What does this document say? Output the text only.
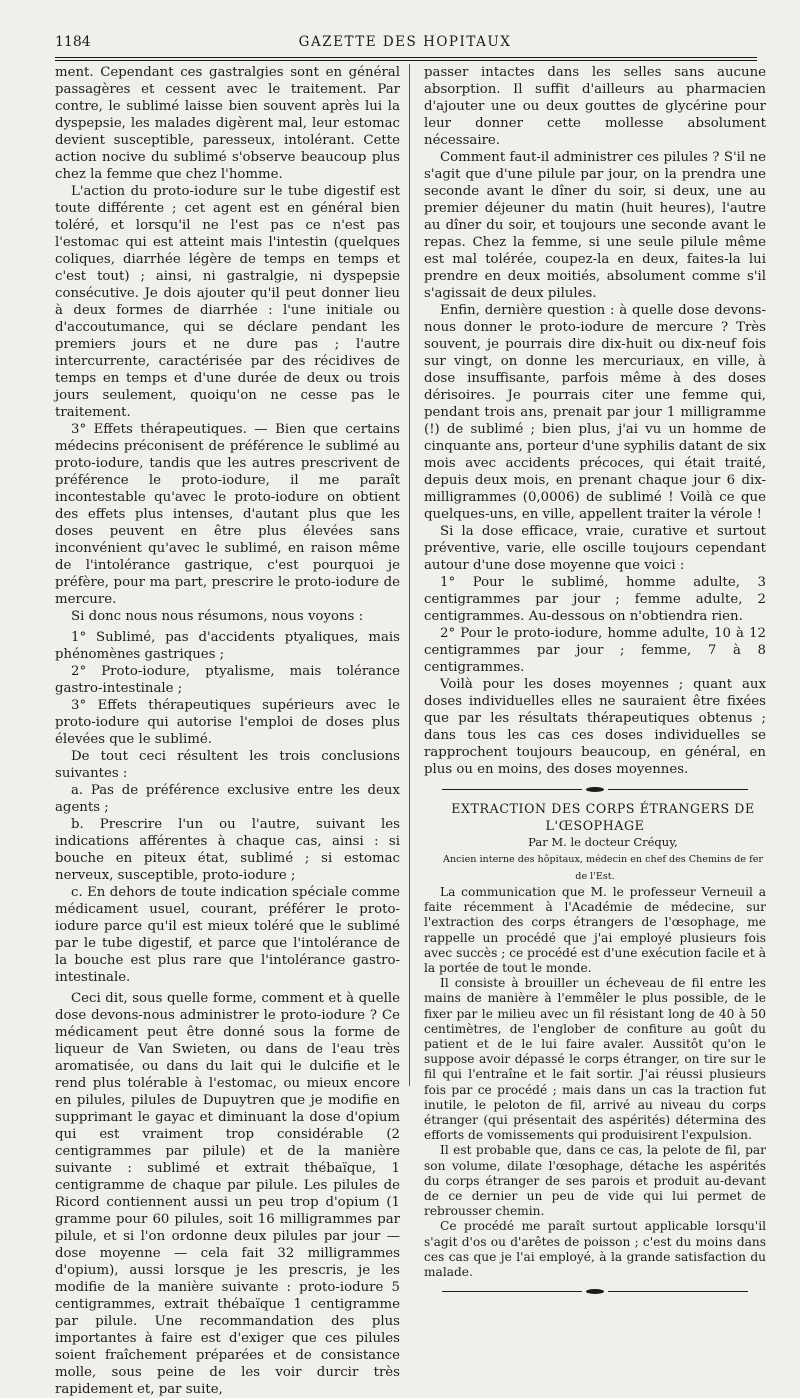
1184	GAZETTE DES HOPITAUX

ment. Cependant ces gastralgies sont en général passagères et cessent avec le traitement. Par contre, le sublimé laisse bien souvent après lui la dyspepsie, les malades digèrent mal, leur estomac devient susceptible, paresseux, intolérant. Cette action nocive du sublimé s'observe beaucoup plus chez la femme que chez l'homme.

L'action du proto-iodure sur le tube digestif est toute différente ; cet agent est en général bien toléré, et lorsqu'il ne l'est pas ce n'est pas l'estomac qui est atteint mais l'intestin (quelques coliques, diarrhée légère de temps en temps et c'est tout) ; ainsi, ni gastralgie, ni dyspepsie consécutive. Je dois ajouter qu'il peut donner lieu à deux formes de diarrhée : l'une initiale ou d'accoutumance, qui se déclare pendant les premiers jours et ne dure pas ; l'autre intercurrente, caractérisée par des récidives de temps en temps et d'une durée de deux ou trois jours seulement, quoiqu'on ne cesse pas le traitement.

3° Effets thérapeutiques. — Bien que certains médecins préconisent de préférence le sublimé au proto-iodure, tandis que les autres prescrivent de préférence le proto-iodure, il me paraît incontestable qu'avec le proto-iodure on obtient des effets plus intenses, d'autant plus que les doses peuvent en être plus élevées sans inconvénient qu'avec le sublimé, en raison même de l'intolérance gastrique, c'est pourquoi je préfère, pour ma part, prescrire le proto-iodure de mercure.

Si donc nous nous résumons, nous voyons :

1° Sublimé, pas d'accidents ptyaliques, mais phénomènes gastriques ;

2° Proto-iodure, ptyalisme, mais tolérance gastro-intestinale ;

3° Effets thérapeutiques supérieurs avec le proto-iodure qui autorise l'emploi de doses plus élevées que le sublimé.

De tout ceci résultent les trois conclusions suivantes :

a. Pas de préférence exclusive entre les deux agents ;

b. Prescrire l'un ou l'autre, suivant les indications afférentes à chaque cas, ainsi : si bouche en piteux état, sublimé ; si estomac nerveux, susceptible, proto-iodure ;

c. En dehors de toute indication spéciale comme médicament usuel, courant, préférer le proto-iodure parce qu'il est mieux toléré que le sublimé par le tube digestif, et parce que l'intolérance de la bouche est plus rare que l'intolérance gastro-intestinale.

Ceci dit, sous quelle forme, comment et à quelle dose devons-nous administrer le proto-iodure ? Ce médicament peut être donné sous la forme de liqueur de Van Swieten, ou dans de l'eau très aromatisée, ou dans du lait qui le dulcifie et le rend plus tolérable à l'estomac, ou mieux encore en pilules, pilules de Dupuytren que je modifie en supprimant le gayac et diminuant la dose d'opium qui est vraiment trop considérable (2 centigrammes par pilule) et de la manière suivante : sublimé et extrait thébaïque, 1 centigramme de chaque par pilule. Les pilules de Ricord contiennent aussi un peu trop d'opium (1 gramme pour 60 pilules, soit 16 milligrammes par pilule, et si l'on ordonne deux pilules par jour — dose moyenne — cela fait 32 milligrammes d'opium), aussi lorsque je les prescris, je les modifie de la manière suivante : proto-iodure 5 centigrammes, extrait thébaïque 1 centigramme par pilule. Une recommandation des plus importantes à faire est d'exiger que ces pilules soient fraîchement préparées et de consistance molle, sous peine de les voir durcir très rapidement et, par suite,

passer intactes dans les selles sans aucune absorption. Il suffit d'ailleurs au pharmacien d'ajouter une ou deux gouttes de glycérine pour leur donner cette mollesse absolument nécessaire.

Comment faut-il administrer ces pilules ? S'il ne s'agit que d'une pilule par jour, on la prendra une seconde avant le dîner du soir, si deux, une au premier déjeuner du matin (huit heures), l'autre au dîner du soir, et toujours une seconde avant le repas. Chez la femme, si une seule pilule même est mal tolérée, coupez-la en deux, faites-la lui prendre en deux moitiés, absolument comme s'il s'agissait de deux pilules.

Enfin, dernière question : à quelle dose devons-nous donner le proto-iodure de mercure ? Très souvent, je pourrais dire dix-huit ou dix-neuf fois sur vingt, on donne les mercuriaux, en ville, à dose insuffisante, parfois même à des doses dérisoires. Je pourrais citer une femme qui, pendant trois ans, prenait par jour 1 milligramme (!) de sublimé ; bien plus, j'ai vu un homme de cinquante ans, porteur d'une syphilis datant de six mois avec accidents précoces, qui était traité, depuis deux mois, en prenant chaque jour 6 dix-milligrammes (0,0006) de sublimé ! Voilà ce que quelques-uns, en ville, appellent traiter la vérole !

Si la dose efficace, vraie, curative et surtout préventive, varie, elle oscille toujours cependant autour d'une dose moyenne que voici :

1° Pour le sublimé, homme adulte, 3 centigrammes par jour ; femme adulte, 2 centigrammes. Au-dessous on n'obtiendra rien.

2° Pour le proto-iodure, homme adulte, 10 à 12 centigrammes par jour ; femme, 7 à 8 centigrammes.

Voilà pour les doses moyennes ; quant aux doses individuelles elles ne sauraient être fixées que par les résultats thérapeutiques obtenus ; dans tous les cas ces doses individuelles se rapprochent toujours beaucoup, en général, en plus ou en moins, des doses moyennes.

EXTRACTION DES CORPS ÉTRANGERS DE L'ŒSOPHAGE

Par M. le docteur Créquy,

Ancien interne des hôpitaux, médecin en chef des Chemins de fer de l'Est.

La communication que M. le professeur Verneuil a faite récemment à l'Académie de médecine, sur l'extraction des corps étrangers de l'œsophage, me rappelle un procédé que j'ai employé plusieurs fois avec succès ; ce procédé est d'une exécution facile et à la portée de tout le monde.

Il consiste à brouiller un écheveau de fil entre les mains de manière à l'emmêler le plus possible, de le fixer par le milieu avec un fil résistant long de 40 à 50 centimètres, de l'englober de confiture au goût du patient et de le lui faire avaler. Aussitôt qu'on le suppose avoir dépassé le corps étranger, on tire sur le fil qui l'entraîne et le fait sortir. J'ai réussi plusieurs fois par ce procédé ; mais dans un cas la traction fut inutile, le peloton de fil, arrivé au niveau du corps étranger (qui présentait des aspérités) détermina des efforts de vomissements qui produisirent l'expulsion.

Il est probable que, dans ce cas, la pelote de fil, par son volume, dilate l'œsophage, détache les aspérités du corps étranger de ses parois et produit au-devant de ce dernier un peu de vide qui lui permet de rebrousser chemin.

Ce procédé me paraît surtout applicable lorsqu'il s'agit d'os ou d'arêtes de poisson ; c'est du moins dans ces cas que je l'ai employé, à la grande satisfaction du malade.
